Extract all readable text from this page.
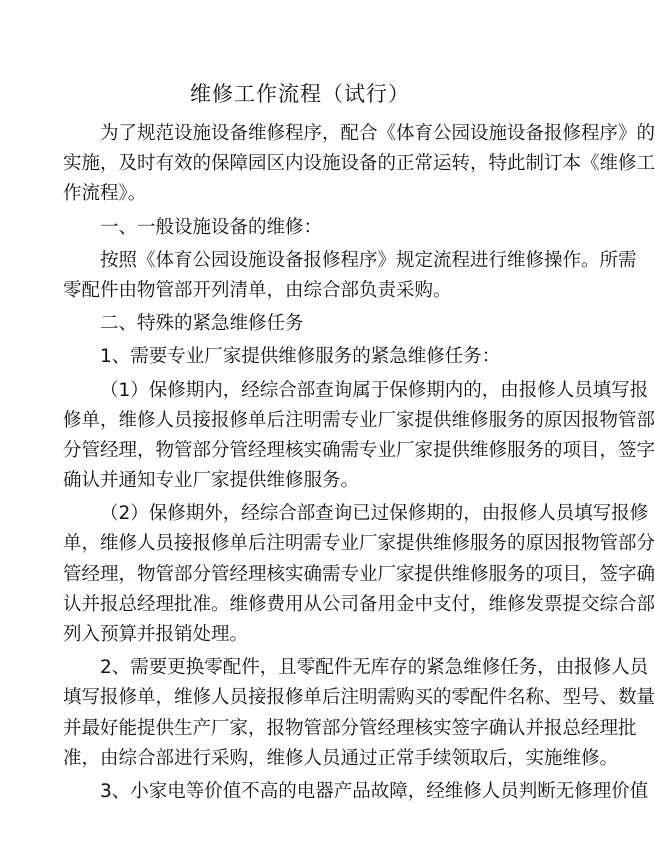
维修工作流程（试行）
为了规范设施设备维修程序，配合《体育公园设施设备报修程序》的
实施，及时有效的保障园区内设施设备的正常运转，特此制订本《维修工
作流程》。
一、一般设施设备的维修：
按照《体育公园设施设备报修程序》规定流程进行维修操作。所需
零配件由物管部开列清单，由综合部负责采购。
二、特殊的紧急维修任务
1、需要专业厂家提供维修服务的紧急维修任务：
（1）保修期内，经综合部查询属于保修期内的，由报修人员填写报
修单，维修人员接报修单后注明需专业厂家提供维修服务的原因报物管部
分管经理，物管部分管经理核实确需专业厂家提供维修服务的项目，签字
确认并通知专业厂家提供维修服务。
（2）保修期外，经综合部查询已过保修期的，由报修人员填写报修
单，维修人员接报修单后注明需专业厂家提供维修服务的原因报物管部分
管经理，物管部分管经理核实确需专业厂家提供维修服务的项目，签字确
认并报总经理批准。维修费用从公司备用金中支付，维修发票提交综合部
列入预算并报销处理。
2、需要更换零配件，且零配件无库存的紧急维修任务，由报修人员
填写报修单，维修人员接报修单后注明需购买的零配件名称、型号、数量
并最好能提供生产厂家，报物管部分管经理核实签字确认并报总经理批
准，由综合部进行采购，维修人员通过正常手续领取后，实施维修。
3、小家电等价值不高的电器产品故障，经维修人员判断无修理价值
